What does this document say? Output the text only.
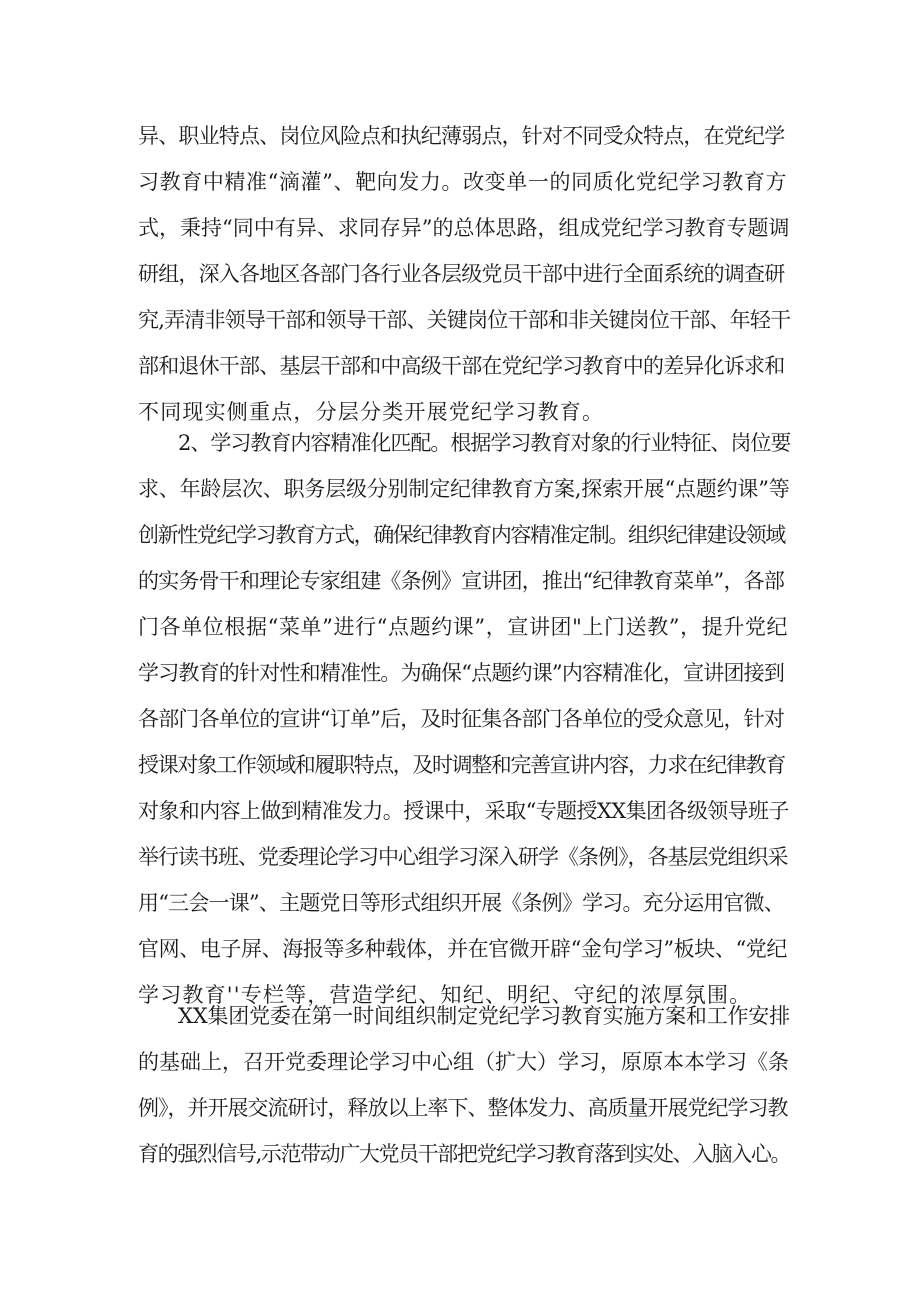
异、职业特点、岗位风险点和执纪薄弱点，针对不同受众特点，在党纪学
习教育中精准“滴灌”、靶向发力。改变单一的同质化党纪学习教育方
式，秉持“同中有异、求同存异”的总体思路，组成党纪学习教育专题调
研组，深入各地区各部门各行业各层级党员干部中进行全面系统的调查研
究,弄清非领导干部和领导干部、关键岗位干部和非关键岗位干部、年轻干
部和退休干部、基层干部和中高级干部在党纪学习教育中的差异化诉求和
不同现实侧重点，分层分类开展党纪学习教育。
2、学习教育内容精准化匹配。根据学习教育对象的行业特征、岗位要
求、年龄层次、职务层级分别制定纪律教育方案,探索开展“点题约课”等
创新性党纪学习教育方式，确保纪律教育内容精准定制。组织纪律建设领域
的实务骨干和理论专家组建《条例》宣讲团，推出“纪律教育菜单”，各部
门各单位根据“菜单”进行“点题约课”，宣讲团"上门送教”，提升党纪
学习教育的针对性和精准性。为确保“点题约课”内容精准化，宣讲团接到
各部门各单位的宣讲“订单”后，及时征集各部门各单位的受众意见，针对
授课对象工作领域和履职特点，及时调整和完善宣讲内容，力求在纪律教育
对象和内容上做到精准发力。授课中，采取“专题授XX集团各级领导班子
举行读书班、党委理论学习中心组学习深入研学《条例》，各基层党组织采
用“三会一课”、主题党日等形式组织开展《条例》学习。充分运用官微、
官网、电子屏、海报等多种载体，并在官微开辟“金句学习”板块、“党纪
学习教育''专栏等，营造学纪、知纪、明纪、守纪的浓厚氛围。
XX集团党委在第一时间组织制定党纪学习教育实施方案和工作安排
的基础上，召开党委理论学习中心组（扩大）学习，原原本本学习《条
例》，并开展交流研讨，释放以上率下、整体发力、高质量开展党纪学习教
育的强烈信号,示范带动广大党员干部把党纪学习教育落到实处、入脑入心。
